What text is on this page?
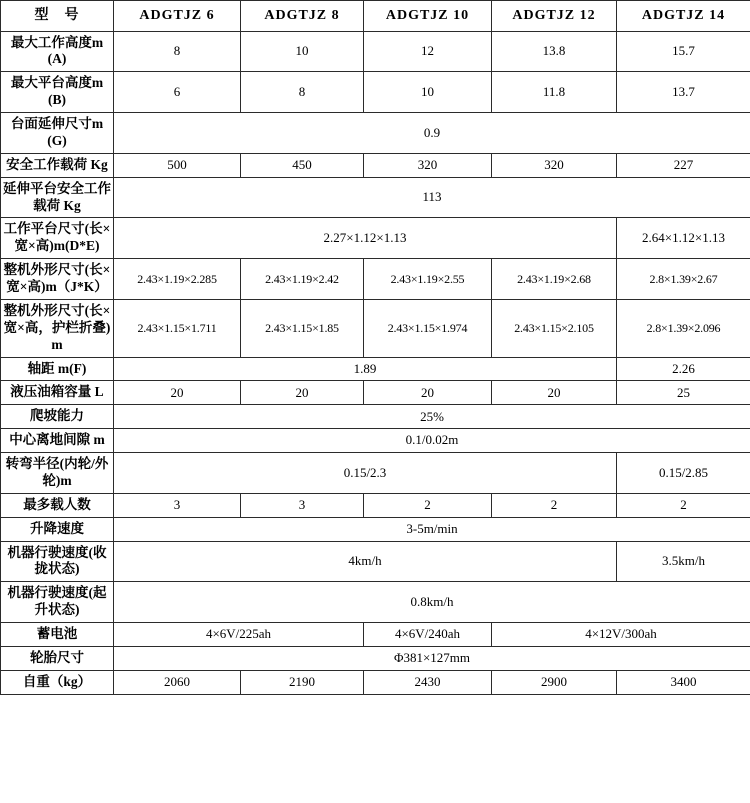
型　号	ADGTJZ 6	ADGTJZ 8	ADGTJZ 10	ADGTJZ 12	ADGTJZ 14
最大工作高度m(A)	8	10	12	13.8	15.7
最大平台高度m(B)	6	8	10	11.8	13.7
台面延伸尺寸m(G)	0.9				
安全工作载荷 Kg	500	450	320	320	227
延伸平台安全工作载荷 Kg	113				
工作平台尺寸(长×宽×高)m(D*E)	2.27×1.12×1.13				2.64×1.12×1.13
整机外形尺寸(长×宽×高)m（J*K）	2.43×1.19×2.285	2.43×1.19×2.42	2.43×1.19×2.55	2.43×1.19×2.68	2.8×1.39×2.67
整机外形尺寸(长×宽×高，护栏折叠)m	2.43×1.15×1.711	2.43×1.15×1.85	2.43×1.15×1.974	2.43×1.15×2.105	2.8×1.39×2.096
轴距 m(F)	1.89				2.26
液压油箱容量 L	20	20	20	20	25
爬坡能力	25%				
中心离地间隙 m	0.1/0.02m				
转弯半径(内轮/外轮)m	0.15/2.3				0.15/2.85
最多载人数	3	3	2	2	2
升降速度	3-5m/min				
机器行驶速度(收拢状态)	4km/h				3.5km/h
机器行驶速度(起升状态)	0.8km/h				
蓄电池	4×6V/225ah		4×6V/240ah	4×12V/300ah	
轮胎尺寸	Φ381×127mm				
自重（kg）	2060	2190	2430	2900	3400
